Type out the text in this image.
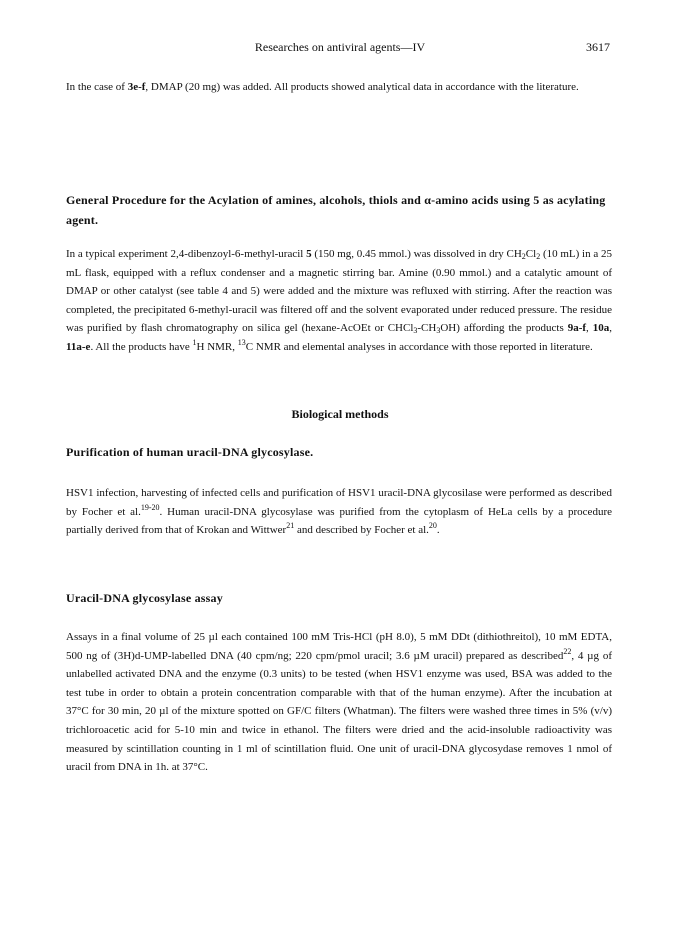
Researches on antiviral agents—IV	3617

In the case of 3e-f, DMAP (20 mg) was added. All products showed analytical data in accordance with the literature.

General Procedure for the Acylation of amines, alcohols, thiols and α-amino acids using 5 as acylating agent.

In a typical experiment 2,4-dibenzoyl-6-methyl-uracil 5 (150 mg, 0.45 mmol.) was dissolved in dry $CH_2Cl_2$ (10 mL) in a 25 mL flask, equipped with a reflux condenser and a magnetic stirring bar. Amine (0.90 mmol.) and a catalytic amount of DMAP or other catalyst (see table 4 and 5) were added and the mixture was refluxed with stirring. After the reaction was completed, the precipitated 6-methyl-uracil was filtered off and the solvent evaporated under reduced pressure. The residue was purified by flash chromatography on silica gel (hexane-AcOEt or $CHCl_3-CH_3OH$) affording the products 9a-f, 10a, 11a-e. All the products have $^1$H NMR, $^{13}$C NMR and elemental analyses in accordance with those reported in literature.

Biological methods
Purification of human uracil-DNA glycosylase.

HSV1 infection, harvesting of infected cells and purification of HSV1 uracil-DNA glycosilase were performed as described by Focher et al.$^{19-20}$. Human uracil-DNA glycosylase was purified from the cytoplasm of HeLa cells by a procedure partially derived from that of Krokan and Wittwer$^{21}$ and described by Focher et al.$^{20}$.

Uracil-DNA glycosylase assay

Assays in a final volume of 25 µl each contained 100 mM Tris-HCl (pH 8.0), 5 mM DDt (dithiothreitol), 10 mM EDTA, 500 ng of (3H)d-UMP-labelled DNA (40 cpm/ng; 220 cpm/pmol uracil; 3.6 µM uracil) prepared as described$^{22}$, 4 µg of unlabelled activated DNA and the enzyme (0.3 units) to be tested (when HSV1 enzyme was used, BSA was added to the test tube in order to obtain a protein concentration comparable with that of the human enzyme). After the incubation at 37°C for 30 min, 20 µl of the mixture spotted on GF/C filters (Whatman). The filters were washed three times in 5% (v/v) trichloroacetic acid for 5-10 min and twice in ethanol. The filters were dried and the acid-insoluble radioactivity was measured by scintillation counting in 1 ml of scintillation fluid. One unit of uracil-DNA glycosydase removes 1 nmol of uracil from DNA in 1h. at 37°C.
